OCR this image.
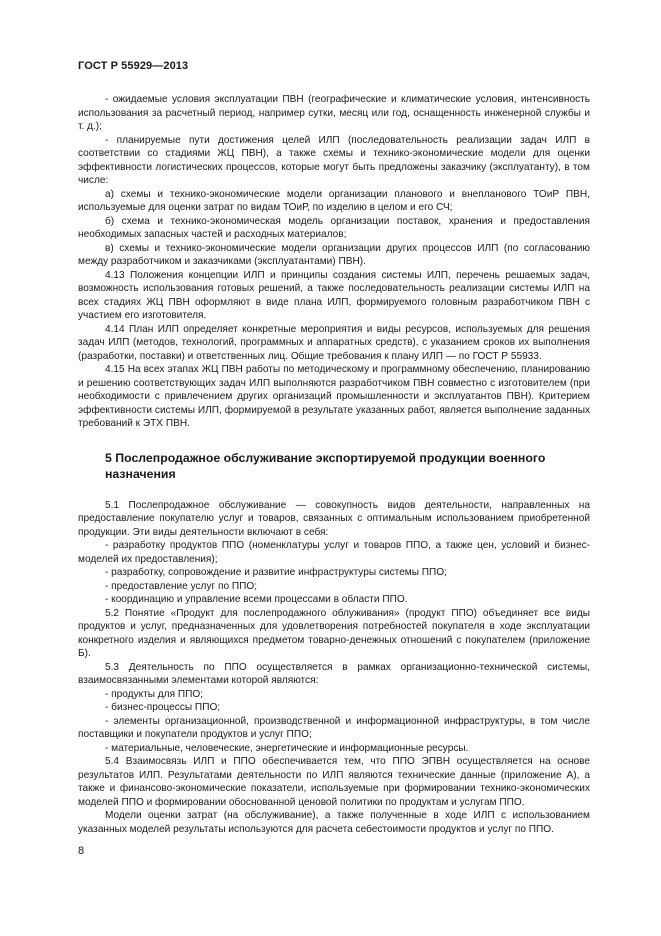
ГОСТ Р 55929—2013

- ожидаемые условия эксплуатации ПВН (географические и климатические условия, интенсивность использования за расчетный период, например сутки, месяц или год, оснащенность инженерной службы и т. д.);

- планируемые пути достижения целей ИЛП (последовательность реализации задач ИЛП в соответствии со стадиями ЖЦ ПВН), а также схемы и технико-экономические модели для оценки эффективности логистических процессов, которые могут быть предложены заказчику (эксплуатанту), в том числе:

а) схемы и технико-экономические модели организации планового и внепланового ТОиР ПВН, используемые для оценки затрат по видам ТОиР, по изделию в целом и его СЧ;

б) схема и технико-экономическая модель организации поставок, хранения и предоставления необходимых запасных частей и расходных материалов;

в) схемы и технико-экономические модели организации других процессов ИЛП (по согласованию между разработчиком и заказчиками (эксплуатантами) ПВН).

4.13 Положения концепции ИЛП и принципы создания системы ИЛП, перечень решаемых задач, возможность использования готовых решений, а также последовательность реализации системы ИЛП на всех стадиях ЖЦ ПВН оформляют в виде плана ИЛП, формируемого головным разработчиком ПВН с участием его изготовителя.

4.14 План ИЛП определяет конкретные мероприятия и виды ресурсов, используемых для решения задач ИЛП (методов, технологий, программных и аппаратных средств), с указанием сроков их выполнения (разработки, поставки) и ответственных лиц. Общие требования к плану ИЛП — по ГОСТ Р 55933.

4.15 На всех этапах ЖЦ ПВН работы по методическому и программному обеспечению, планированию и решению соответствующих задач ИЛП выполняются разработчиком ПВН совместно с изготовителем (при необходимости с привлечением других организаций промышленности и эксплуатантов ПВН). Критерием эффективности системы ИЛП, формируемой в результате указанных работ, является выполнение заданных требований к ЭТХ ПВН.

5 Послепродажное обслуживание экспортируемой продукции военного назначения

5.1 Послепродажное обслуживание — совокупность видов деятельности, направленных на предоставление покупателю услуг и товаров, связанных с оптимальным использованием приобретенной продукции. Эти виды деятельности включают в себя:

- разработку продуктов ППО (номенклатуры услуг и товаров ППО, а также цен, условий и бизнес-моделей их предоставления);

- разработку, сопровождение и развитие инфраструктуры системы ППО;

- предоставление услуг по ППО;

- координацию и управление всеми процессами в области ППО.

5.2 Понятие «Продукт для послепродажного облуживания» (продукт ППО) объединяет все виды продуктов и услуг, предназначенных для удовлетворения потребностей покупателя в ходе эксплуатации конкретного изделия и являющихся предметом товарно-денежных отношений с покупателем (приложение Б).

5.3 Деятельность по ППО осуществляется в рамках организационно-технической системы, взаимосвязанными элементами которой являются:

- продукты для ППО;

- бизнес-процессы ППО;

- элементы организационной, производственной и информационной инфраструктуры, в том числе поставщики и покупатели продуктов и услуг ППО;

- материальные, человеческие, энергетические и информационные ресурсы.

5.4 Взаимосвязь ИЛП и ППО обеспечивается тем, что ППО ЭПВН осуществляется на основе результатов ИЛП. Результатами деятельности по ИЛП являются технические данные (приложение А), а также и финансово-экономические показатели, используемые при формировании технико-экономических моделей ППО и формировании обоснованной ценовой политики по продуктам и услугам ППО.

Модели оценки затрат (на обслуживание), а также полученные в ходе ИЛП с использованием указанных моделей результаты используются для расчета себестоимости продуктов и услуг по ППО.

8
